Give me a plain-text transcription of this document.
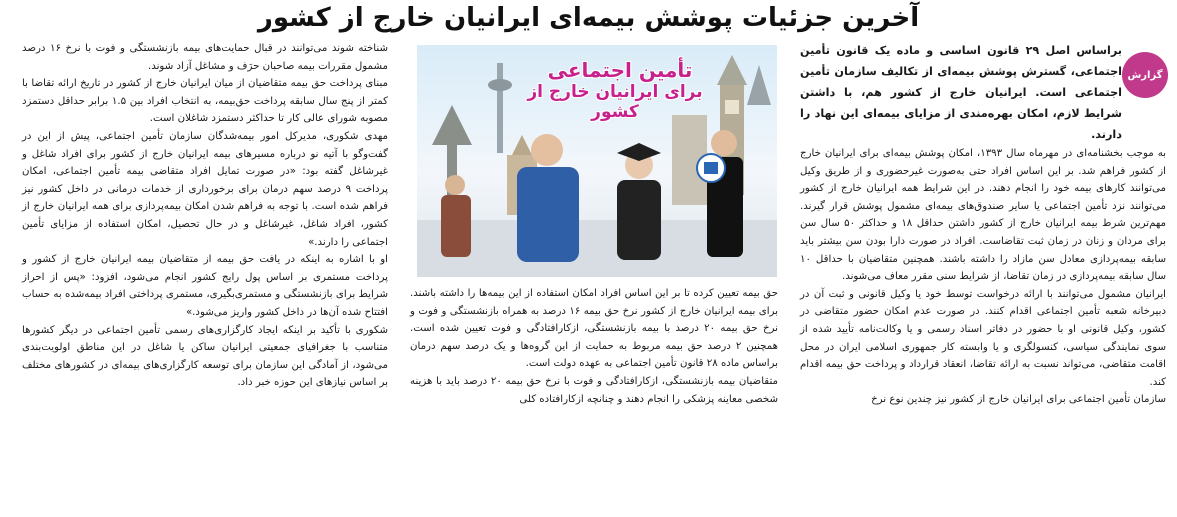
آخرین جزئیات پوشش بیمه‌ای ایرانیان خارج از کشور
گزارش
براساس اصل ۲۹ قانون اساسی و ماده یک قانون تأمین اجتماعی، گسترش پوشش بیمه‌ای از تکالیف سازمان تأمین اجتماعی است. ایرانیان خارج از کشور هم، با داشتن شرایط لازم، امکان بهره‌مندی از مزایای بیمه‌ای این نهاد را دارند.

به موجب بخشنامه‌ای در مهرماه سال ۱۳۹۳، امکان پوشش بیمه‌ای برای ایرانیان خارج از کشور فراهم شد. بر این اساس افراد حتی به‌صورت غیرحضوری و از طریق وکیل می‌توانند کارهای بیمه خود را انجام دهند. در این شرایط همه ایرانیان خارج از کشور می‌توانند نزد تأمین اجتماعی یا سایر صندوق‌های بیمه‌ای مشمول پوشش قرار گیرند. مهم‌ترین شرط بیمه ایرانیان خارج از کشور داشتن حداقل ۱۸ و حداکثر ۵۰ سال سن برای مردان و زنان در زمان ثبت تقاضاست. افراد در صورت دارا بودن سن بیشتر باید سابقه بیمه‌پردازی معادل سن مازاد را داشته باشند. همچنین متقاضیان با حداقل ۱۰ سال سابقه بیمه‌پردازی در زمان تقاضا، از شرایط سنی مقرر معاف می‌شوند.

ایرانیان مشمول می‌توانند با ارائه درخواست توسط خود یا وکیل قانونی و ثبت آن در دبیرخانه شعبه تأمین اجتماعی اقدام کنند. در صورت عدم امکان حضور متقاضی در کشور، وکیل قانونی او با حضور در دفاتر اسناد رسمی و یا وکالت‌نامه تأیید شده از سوی نمایندگی سیاسی، کنسولگری و یا وابسته کار جمهوری اسلامی ایران در محل اقامت متقاضی، می‌تواند نسبت به ارائه تقاضا، انعقاد قرارداد و پرداخت حق بیمه اقدام کند.

سازمان تأمین اجتماعی برای ایرانیان خارج از کشور نیز چندین نوع نرخ

تأمین اجتماعی
برای ایرانیان خارج از کشور

حق بیمه تعیین کرده تا بر این اساس افراد امکان استفاده از این بیمه‌ها را داشته باشند. برای بیمه ایرانیان خارج از کشور نرخ حق بیمه ۱۶ درصد به همراه بازنشستگی و فوت و نرخ حق بیمه ۲۰ درصد با بیمه بازنشستگی، ازکارافتادگی و فوت تعیین شده است. همچنین ۲ درصد حق بیمه مربوط به حمایت از این گروه‌ها و یک درصد سهم درمان براساس ماده ۲۸ قانون تأمین اجتماعی به عهده دولت است.

متقاضیان بیمه بازنشستگی، ازکارافتادگی و فوت با نرخ حق بیمه ۲۰ درصد باید با هزینه شخصی معاینه پزشکی را انجام دهند و چنانچه ازکارافتاده کلی

شناخته شوند می‌توانند در قبال حمایت‌های بیمه بازنشستگی و فوت با نرخ ۱۶ درصد مشمول مقررات بیمه صاحبان حرَف و مشاغل آزاد شوند.

مبنای پرداخت حق بیمه متقاضیان از میان ایرانیان خارج از کشور در تاریخ ارائه تقاضا با کمتر از پنج سال سابقه پرداخت حق‌بیمه، به انتخاب افراد بین ۱.۵ برابر حداقل دستمزد مصوبه شورای عالی کار تا حداکثر دستمزد شاغلان است.

مهدی شکوری، مدیرکل امور بیمه‌شدگان سازمان تأمین اجتماعی، پیش از این در گفت‌وگو با آتیه نو درباره مسیرهای بیمه ایرانیان خارج از کشور برای افراد شاغل و غیرشاغل گفته بود: «در صورت تمایل افراد متقاضی بیمه تأمین اجتماعی، امکان پرداخت ۹ درصد سهم درمان برای برخورداری از خدمات درمانی در داخل کشور نیز فراهم شده است. با توجه به فراهم شدن امکان بیمه‌پردازی برای همه ایرانیان خارج از کشور، افراد شاغل، غیرشاغل و در حال تحصیل، امکان استفاده از مزایای تأمین اجتماعی را دارند.»

او با اشاره به اینکه در یافت حق بیمه از متقاضیان بیمه ایرانیان خارج از کشور و پرداخت مستمری بر اساس پول رایج کشور انجام می‌شود، افزود: «پس از احراز شرایط برای بازنشستگی و مستمری‌بگیری، مستمری پرداختی افراد بیمه‌شده به حساب افتتاح شده آن‌ها در داخل کشور واریز می‌شود.»

شکوری با تأکید بر اینکه ایجاد کارگزاری‌های رسمی تأمین اجتماعی در دیگر کشورها متناسب با جغرافیای جمعیتی ایرانیان ساکن یا شاغل در این مناطق اولویت‌بندی می‌شود، از آمادگی این سازمان برای توسعه کارگزاری‌های بیمه‌ای در کشورهای مختلف بر اساس نیازهای این حوزه خبر داد.
